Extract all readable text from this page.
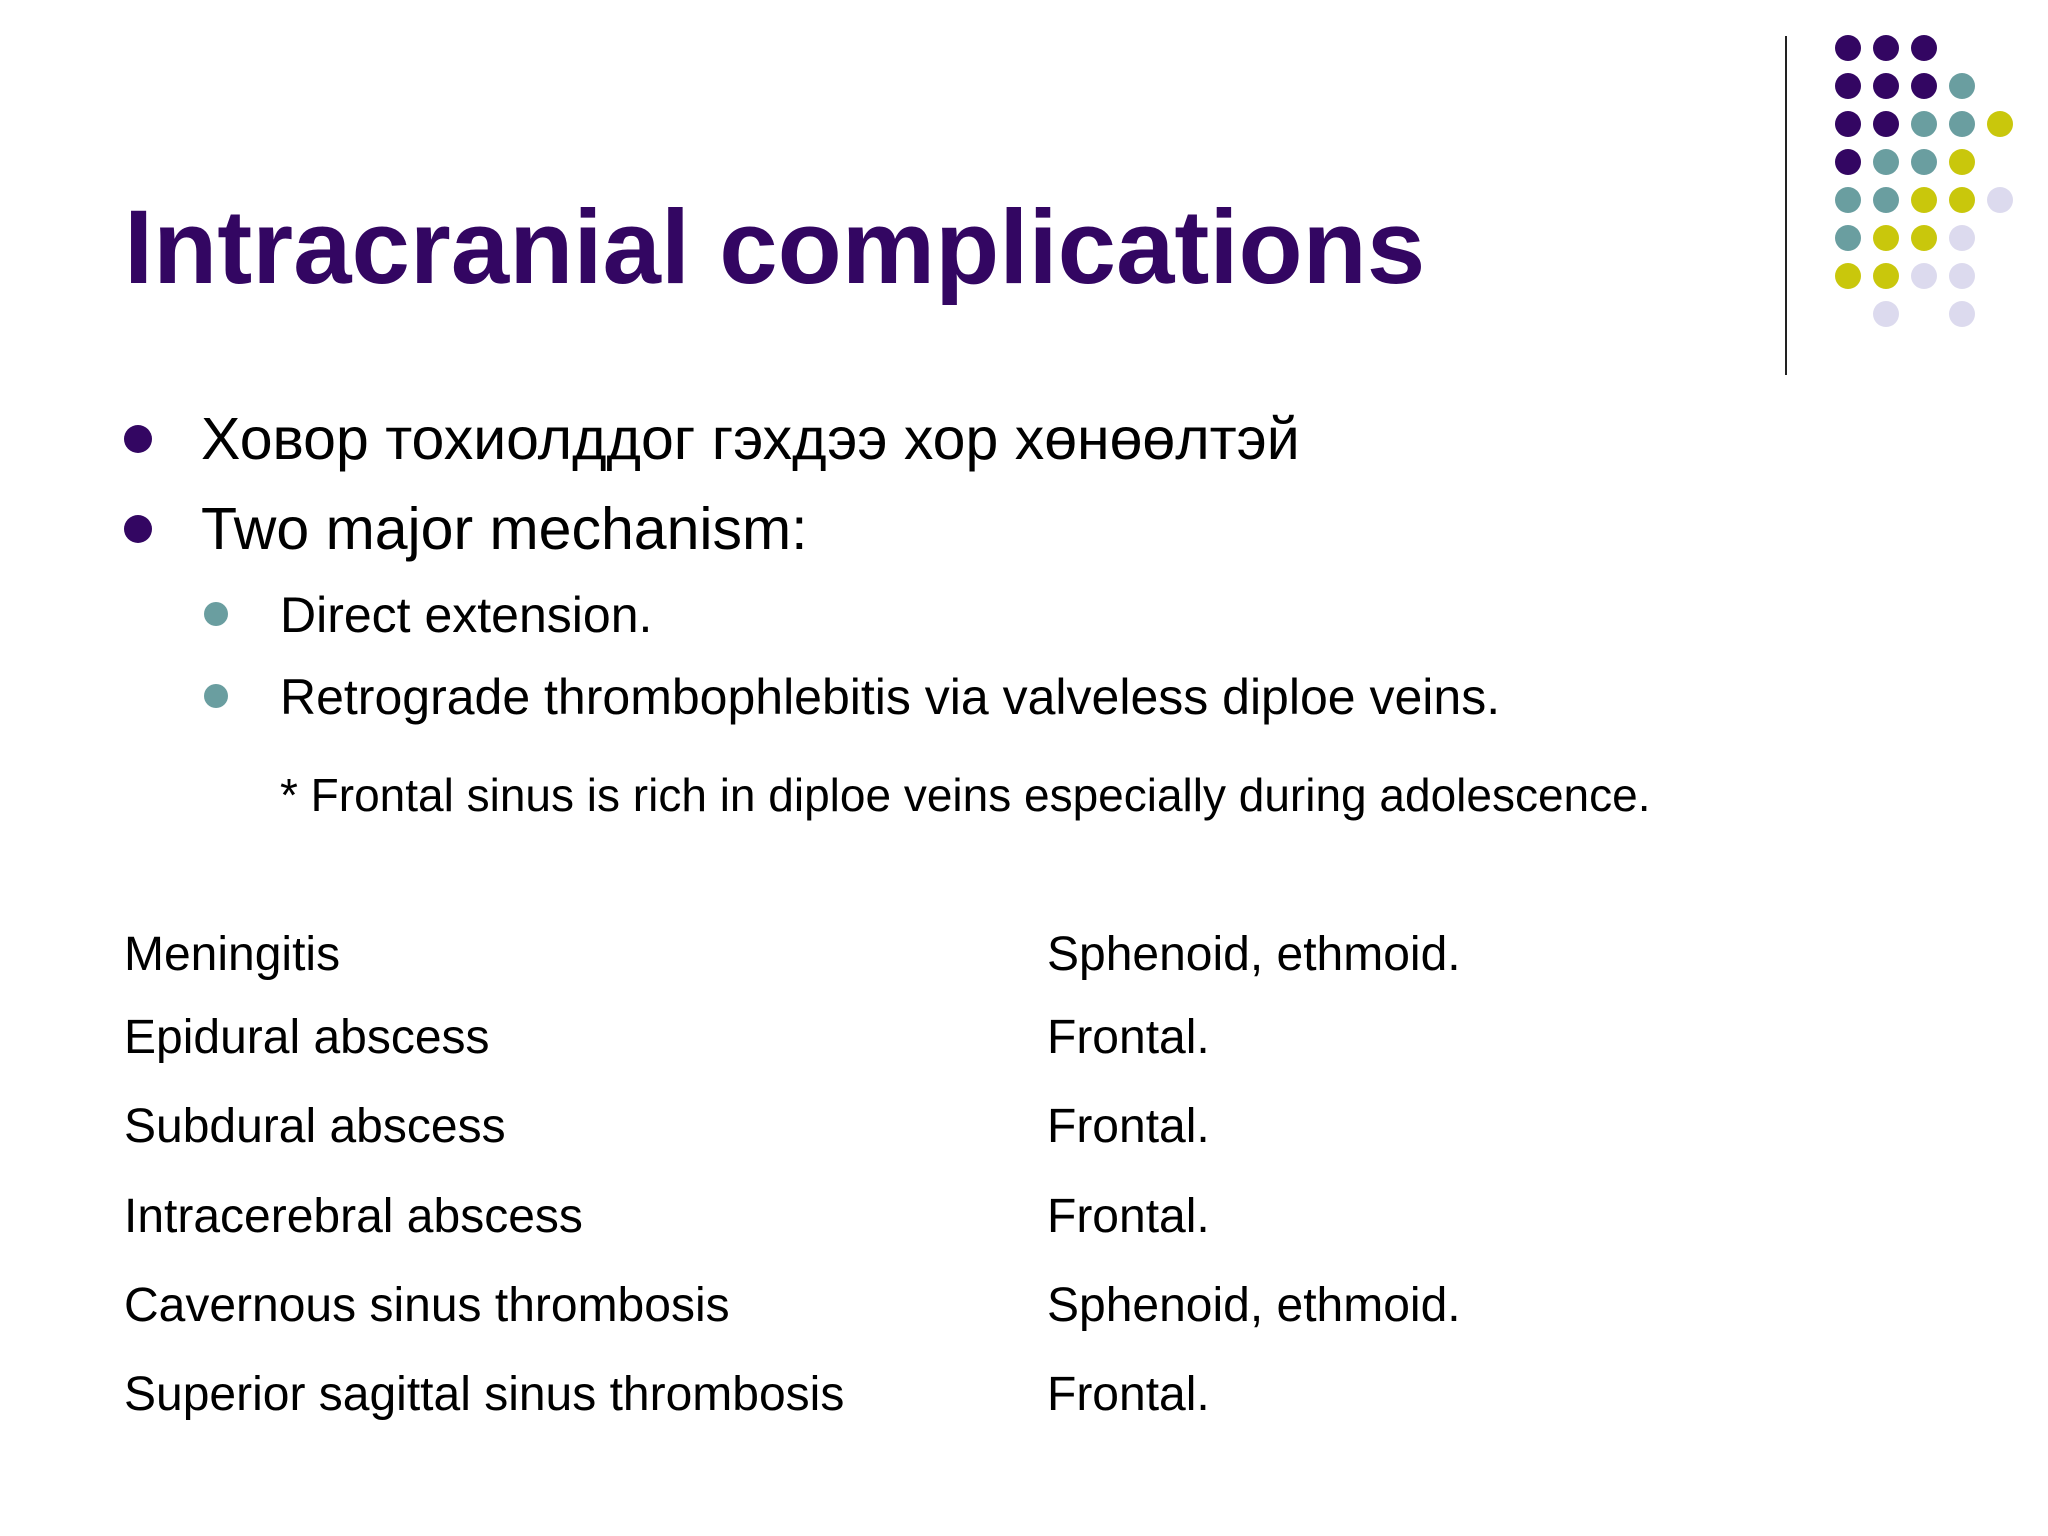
Intracranial complications
Ховор тохиолддог гэхдээ хор хөнөөлтэй
Two major mechanism:
Direct extension.
Retrograde thrombophlebitis via valveless diploe veins.
* Frontal sinus is rich in diploe veins especially during adolescence.
Meningitis	Sphenoid, ethmoid.
Epidural abscess	Frontal.
Subdural abscess	Frontal.
Intracerebral abscess	Frontal.
Cavernous sinus thrombosis	Sphenoid, ethmoid.
Superior sagittal sinus thrombosis	Frontal.
